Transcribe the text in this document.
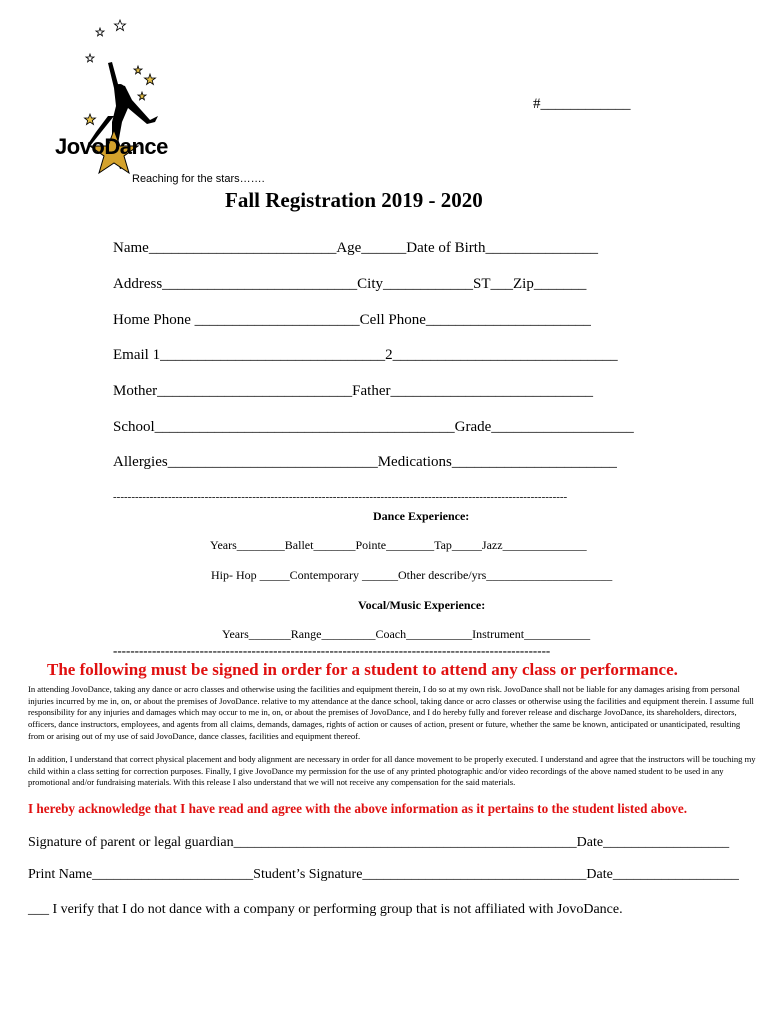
JovoDance
Reaching for the stars…….
#____________
Fall Registration 2019 - 2020
Name_________________________Age______Date of Birth_______________
Address__________________________City____________ST___Zip_______
Home Phone ______________________Cell Phone______________________
Email 1______________________________2______________________________
Mother__________________________Father___________________________
School________________________________________Grade___________________
Allergies____________________________Medications______________________
----------------------------------------------------------------------------------------------------------------------------
Dance Experience:
Years________Ballet_______Pointe________Tap_____Jazz______________
Hip- Hop _____Contemporary ______Other describe/yrs_____________________
Vocal/Music Experience:
Years_______Range_________Coach___________Instrument___________
-----------------------------------------------------------------------------------------------------
The following must be signed in order for a student to attend any class or performance.
In attending JovoDance, taking any dance or acro classes and otherwise using the facilities and equipment therein, I do so at my own risk. JovoDance shall not be liable for any damages arising from personal injuries incurred by me in, on, or about the premises of JovoDance. relative to my attendance at the dance school, taking dance or acro classes or otherwise using the facilities and equipment therein. I assume full responsibility for any injuries and damages which may occur to me in, on, or about the premises of JovoDance, and I do hereby fully and forever release and discharge JovoDance, its shareholders, directors, officers, dance instructors, employees, and agents from all claims, demands, damages, rights of action or causes of action, present or future, whether the same be known, anticipated or unanticipated, resulting from or arising out of my use of said JovoDance, dance classes, facilities and equipment thereof.
In addition, I understand that correct physical placement and body alignment are necessary in order for all dance movement to be properly executed. I understand and agree that the instructors will be touching my child within a class setting for correction purposes. Finally, I give JovoDance my permission for the use of any printed photographic and/or video recordings of the above named student to be used in any promotional and/or fundraising materials. With this release I also understand that we will not receive any compensation for the said materials.
I hereby acknowledge that I have read and agree with the above information as it pertains to the student listed above.
Signature of parent or legal guardian_________________________________________________Date__________________
Print Name_______________________Student’s Signature________________________________Date__________________
___ I verify that I do not dance with a company or performing group that is not affiliated with JovoDance.
